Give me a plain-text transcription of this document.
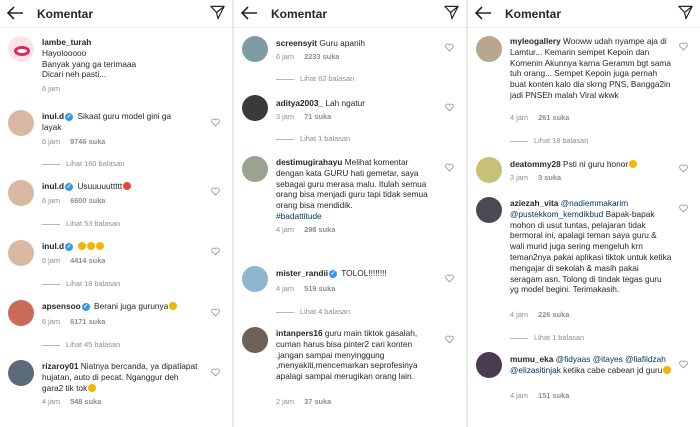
Komentar
lambe_turah
Hayolooooo
Banyak yang ga terimaaa
Dicari neh pasti...
6 jam
inul.d ✓ Sikaat guru model gini ga layak
6 jam 9746 suka
Lihat 160 balasan
inul.d ✓ Usuuuuuttttt
6 jam 6600 suka
Lihat 53 balasan
inul.d ✓
6 jam 4414 suka
Lihat 18 balasan
apsensoo ✓ Berani juga gurunya
6 jam 6171 suka
Lihat 45 balasan
rizaroy01 Niatnya bercanda, ya dipatiapat hujatan, auto di pecat. Nganggur deh gara2 tik tok
4 jam 548 suka
Komentar
screensyit Guru apanih
6 jam 2233 suka
Lihat 62 balasan
aditya2003_ Lah ngatur
3 jam 71 suka
Lihat 1 balasan
destimugirahayu Melihat komentar dengan kata GURU hati gemetar, saya sebagai guru merasa malu. Itulah semua orang bisa menjadi guru tapi tidak semua orang bisa mendidik.
#badattitude
4 jam 298 suka
mister_randii ✓ TOLOL!!!!!!!!
4 jam 519 suka
Lihat 4 balasan
intanpers16 guru main tiktok gasalah, cuman harus bisa pinter2 cari konten .jangan sampai menyinggung ,menyakiti,mencemarkan seprofesinya apalagi sampai merugikan orang lain.
2 jam 37 suka
Komentar
myleogallery Wooww udah nyampe aja di Lamtur... Kemarin sempet Kepoin dan Komenin Akunnya karna Geramm bgt sama tuh orang... Sempet Kepoin juga pernah buat konten kalo dia skrng PNS, Bangga2in jadi PNSEh malah Viral wkwk
4 jam 261 suka
Lihat 18 balasan
deatommy28 Psti ni guru honor
3 jam 3 suka
aziezah_vita @nadiemmakarim @pustekkom_kemdikbud Bapak-bapak mohon di usut tuntas, pelajaran tidak bermoral ini, apalagi teman saya guru & wali murid juga sering mengeluh krn teman2nya pakai aplikasi tiktok untuk ketika mengajar di sekolah & masih pakai seragam asn. Tolong di tindak tegas guru yg model begini. Terimakasih.
4 jam 226 suka
Lihat 1 balasan
mumu_eka @fidyaas @itayes @liafildzah @elizasitinjak ketika cabe cabean jd guru
4 jam 151 suka
